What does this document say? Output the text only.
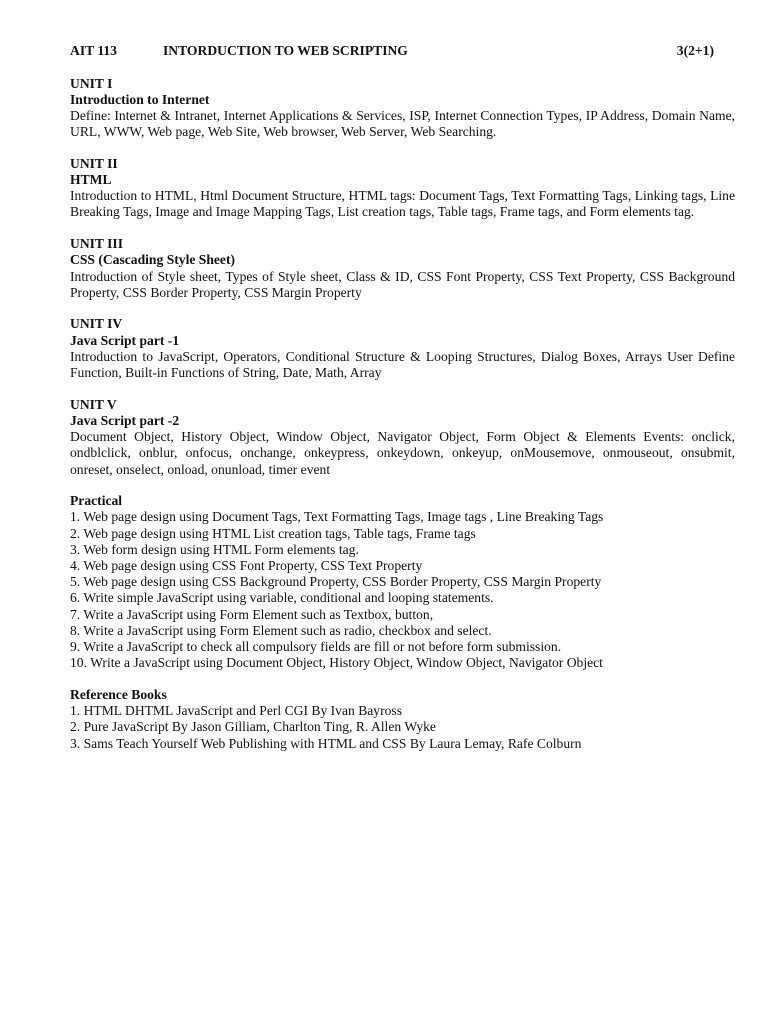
AIT 113	INTORDUCTION TO WEB SCRIPTING	3(2+1)
UNIT I
Introduction to Internet
Define: Internet & Intranet, Internet Applications & Services, ISP, Internet Connection Types, IP Address, Domain Name, URL, WWW, Web page, Web Site, Web browser, Web Server, Web Searching.
UNIT II
HTML
Introduction to HTML, Html Document Structure, HTML tags: Document Tags, Text Formatting Tags, Linking tags, Line Breaking Tags, Image and Image Mapping Tags, List creation tags, Table tags, Frame tags, and Form elements tag.
UNIT III
CSS (Cascading Style Sheet)
Introduction of Style sheet, Types of Style sheet, Class & ID, CSS Font Property, CSS Text Property, CSS Background Property, CSS Border Property, CSS Margin Property
UNIT IV
Java Script part -1
Introduction to JavaScript, Operators, Conditional Structure & Looping Structures, Dialog Boxes, Arrays User Define Function, Built-in Functions of String, Date, Math, Array
UNIT V
Java Script part -2
Document Object, History Object, Window Object, Navigator Object, Form Object & Elements Events: onclick, ondblclick, onblur, onfocus, onchange, onkeypress, onkeydown, onkeyup, onMousemove, onmouseout, onsubmit, onreset, onselect, onload, onunload, timer event
Practical
1. Web page design using Document Tags, Text Formatting Tags, Image tags , Line Breaking Tags
2. Web page design using HTML List creation tags, Table tags, Frame tags
3. Web form design using HTML Form elements tag.
4. Web page design using CSS Font Property, CSS Text Property
5. Web page design using CSS Background Property, CSS Border Property, CSS Margin Property
6. Write simple JavaScript using variable, conditional and looping statements.
7. Write a JavaScript using Form Element such as Textbox, button,
8. Write a JavaScript using Form Element such as radio, checkbox and select.
9. Write a JavaScript to check all compulsory fields are fill or not before form submission.
10. Write a JavaScript using Document Object, History Object, Window Object, Navigator Object
Reference Books
1. HTML DHTML JavaScript and Perl CGI By Ivan Bayross
2. Pure JavaScript By Jason Gilliam, Charlton Ting, R. Allen Wyke
3. Sams Teach Yourself Web Publishing with HTML and CSS By Laura Lemay, Rafe Colburn
